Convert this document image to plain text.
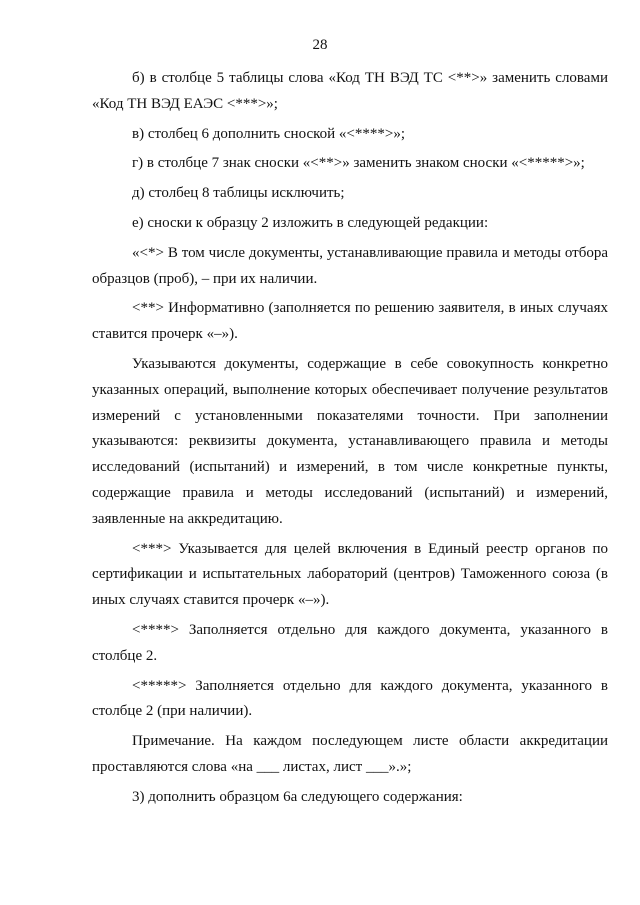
28

б) в столбце 5 таблицы слова «Код ТН ВЭД ТС <**>» заменить словами «Код ТН ВЭД ЕАЭС <***>»;

в) столбец 6 дополнить сноской «<****>»;

г) в столбце 7 знак сноски «<**>» заменить знаком сноски «<*****>»;

д) столбец 8 таблицы исключить;

е) сноски к образцу 2 изложить в следующей редакции:

«<*> В том числе документы, устанавливающие правила и методы отбора образцов (проб), – при их наличии.

<**> Информативно (заполняется по решению заявителя, в иных случаях ставится прочерк «–»).

Указываются документы, содержащие в себе совокупность конкретно указанных операций, выполнение которых обеспечивает получение результатов измерений с установленными показателями точности. При заполнении указываются: реквизиты документа, устанавливающего правила и методы исследований (испытаний) и измерений, в том числе конкретные пункты, содержащие правила и методы исследований (испытаний) и измерений, заявленные на аккредитацию.

<***> Указывается для целей включения в Единый реестр органов по сертификации и испытательных лабораторий (центров) Таможенного союза (в иных случаях ставится прочерк «–»).

<****> Заполняется отдельно для каждого документа, указанного в столбце 2.

<*****> Заполняется отдельно для каждого документа, указанного в столбце 2 (при наличии).

Примечание. На каждом последующем листе области аккредитации проставляются слова «на ___ листах, лист ___».»;

3) дополнить образцом 6а следующего содержания:
